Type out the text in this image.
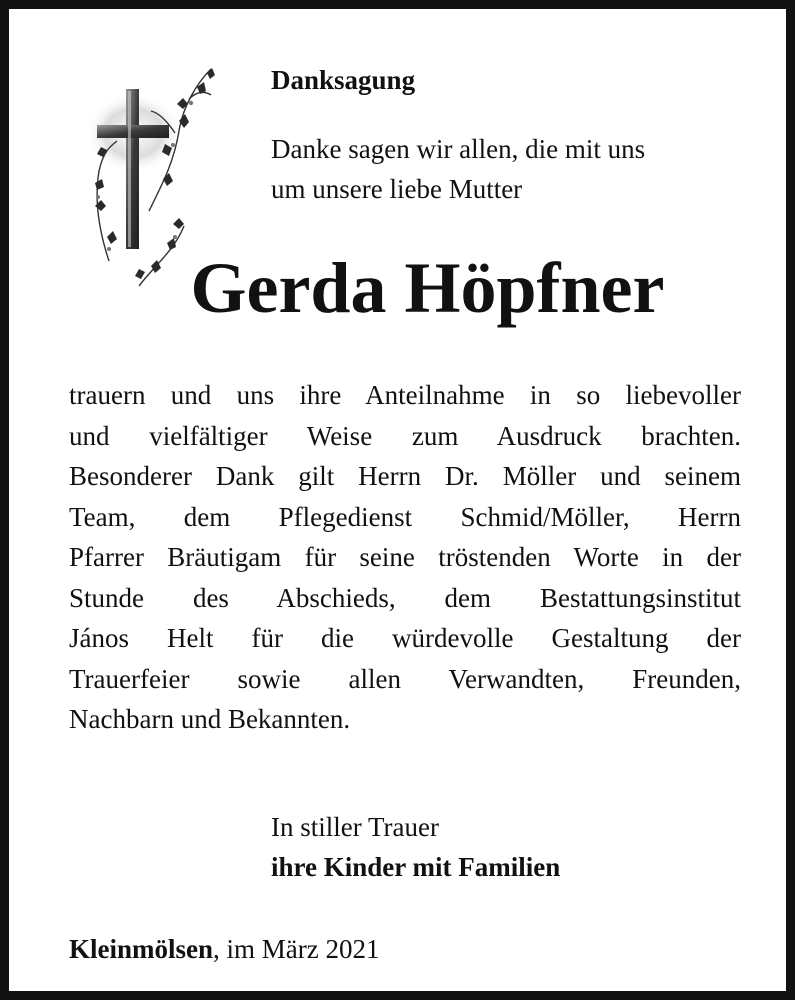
Danksagung
Danke sagen wir allen, die mit uns
um unsere liebe Mutter
Gerda Höpfner
trauern und uns ihre Anteilnahme in so liebevoller
und vielfältiger Weise zum Ausdruck brachten.
Besonderer Dank gilt Herrn Dr. Möller und seinem
Team, dem Pflegedienst Schmid/Möller, Herrn
Pfarrer Bräutigam für seine tröstenden Worte in der
Stunde des Abschieds, dem Bestattungsinstitut
János Helt für die würdevolle Gestaltung der
Trauerfeier sowie allen Verwandten, Freunden,
Nachbarn und Bekannten.
In stiller Trauer
ihre Kinder mit Familien
Kleinmölsen, im März 2021
